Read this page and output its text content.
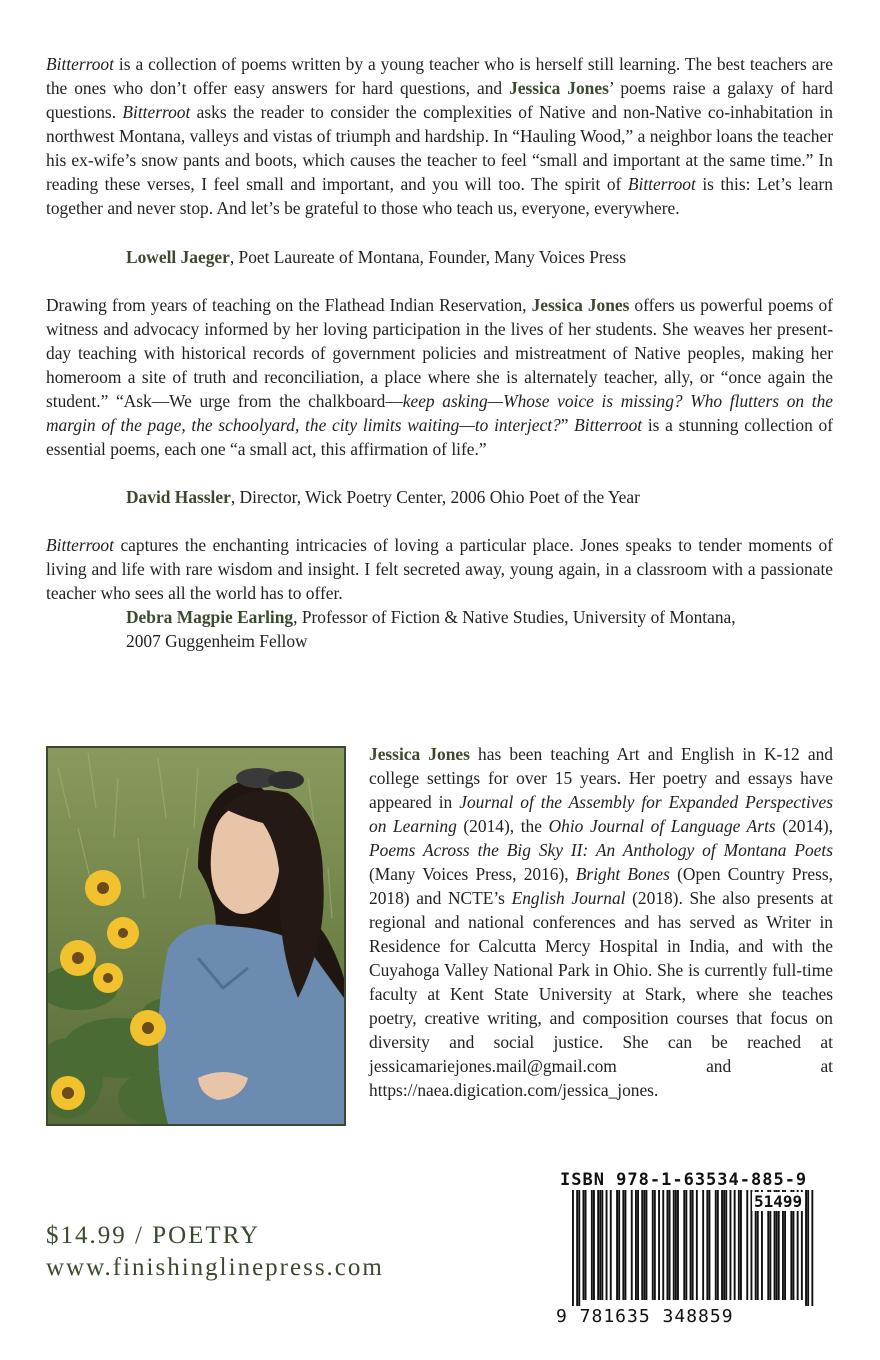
Bitterroot is a collection of poems written by a young teacher who is herself still learning. The best teachers are the ones who don’t offer easy answers for hard questions, and Jessica Jones’ poems raise a galaxy of hard questions. Bitterroot asks the reader to consider the complexities of Native and non-Native co-inhabitation in northwest Montana, valleys and vistas of triumph and hardship. In “Hauling Wood,” a neighbor loans the teacher his ex-wife’s snow pants and boots, which causes the teacher to feel “small and important at the same time.” In reading these verses, I feel small and important, and you will too. The spirit of Bitterroot is this: Let’s learn together and never stop. And let’s be grateful to those who teach us, everyone, everywhere.

Lowell Jaeger, Poet Laureate of Montana, Founder, Many Voices Press

Drawing from years of teaching on the Flathead Indian Reservation, Jessica Jones offers us powerful poems of witness and advocacy informed by her loving participation in the lives of her students. She weaves her present-day teaching with historical records of government policies and mistreatment of Native peoples, making her homeroom a site of truth and reconciliation, a place where she is alternately teacher, ally, or “once again the student.” “Ask—We urge from the chalkboard—keep asking—Whose voice is missing? Who flutters on the margin of the page, the schoolyard, the city limits waiting—to interject?” Bitterroot is a stunning collection of essential poems, each one “a small act, this affirmation of life.”

David Hassler, Director, Wick Poetry Center, 2006 Ohio Poet of the Year

Bitterroot captures the enchanting intricacies of loving a particular place. Jones speaks to tender moments of living and life with rare wisdom and insight. I felt secreted away, young again, in a classroom with a passionate teacher who sees all the world has to offer.

Debra Magpie Earling, Professor of Fiction & Native Studies, University of Montana, 2007 Guggenheim Fellow

Jessica Jones has been teaching Art and English in K-12 and college settings for over 15 years. Her poetry and essays have appeared in Journal of the Assembly for Expanded Perspectives on Learning (2014), the Ohio Journal of Language Arts (2014), Poems Across the Big Sky II: An Anthology of Montana Poets (Many Voices Press, 2016), Bright Bones (Open Country Press, 2018) and NCTE’s English Journal (2018). She also presents at regional and national conferences and has served as Writer in Residence for Calcutta Mercy Hospital in India, and with the Cuyahoga Valley National Park in Ohio. She is currently full-time faculty at Kent State University at Stark, where she teaches poetry, creative writing, and composition courses that focus on diversity and social justice. She can be reached at jessicamariejones.mail@gmail.com and at https://naea.digication.com/jessica_jones.

$14.99 / POETRY
www.finishinglinepress.com
ISBN 978-1-63534-885-9
51499
9 781635 348859
